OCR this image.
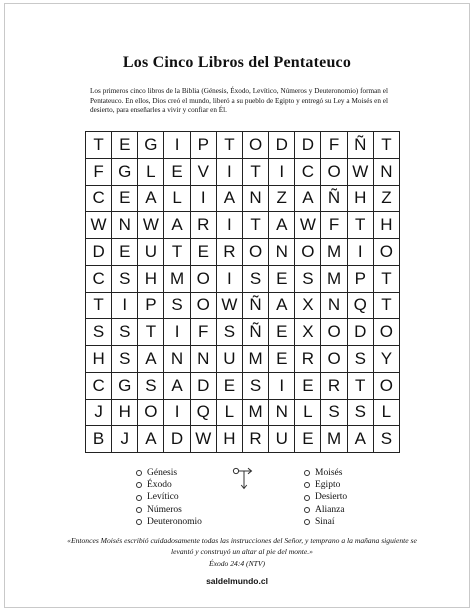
Los Cinco Libros del Pentateuco
Los primeros cinco libros de la Biblia (Génesis, Éxodo, Levítico, Números y Deuteronomio) forman el Pentateuco. En ellos, Dios creó el mundo, liberó a su pueblo de Egipto y entregó su Ley a Moisés en el desierto, para enseñarles a vivir y confiar en Él.
T E G	I	P T O D D F Ñ T
F G L E V	I	T	I	C O W N
C E A L	I	A N Z A Ñ H Z
W N W A R	I	T A W F T H
D E U T E R O N O M I	O
C S H M O	I	S E S M P T
T	I	P S O W Ñ A X N Q T
S S T	I	F S Ñ E X O D O
H S A N N U M E R O S Y
C G S A D E S	I	E R T O
J H O	I	Q L M N L S S L
B J A D W H R U E M A S
Génesis
Éxodo
Levítico
Números
Deuteronomio
Moisés
Egipto
Desierto
Alianza
Sinaí
«Entonces Moisés escribió cuidadosamente todas las instrucciones del Señor, y temprano a la mañana siguiente se levantó y construyó un altar al pie del monte.»
Éxodo 24:4 (NTV)
saldelmundo.cl
